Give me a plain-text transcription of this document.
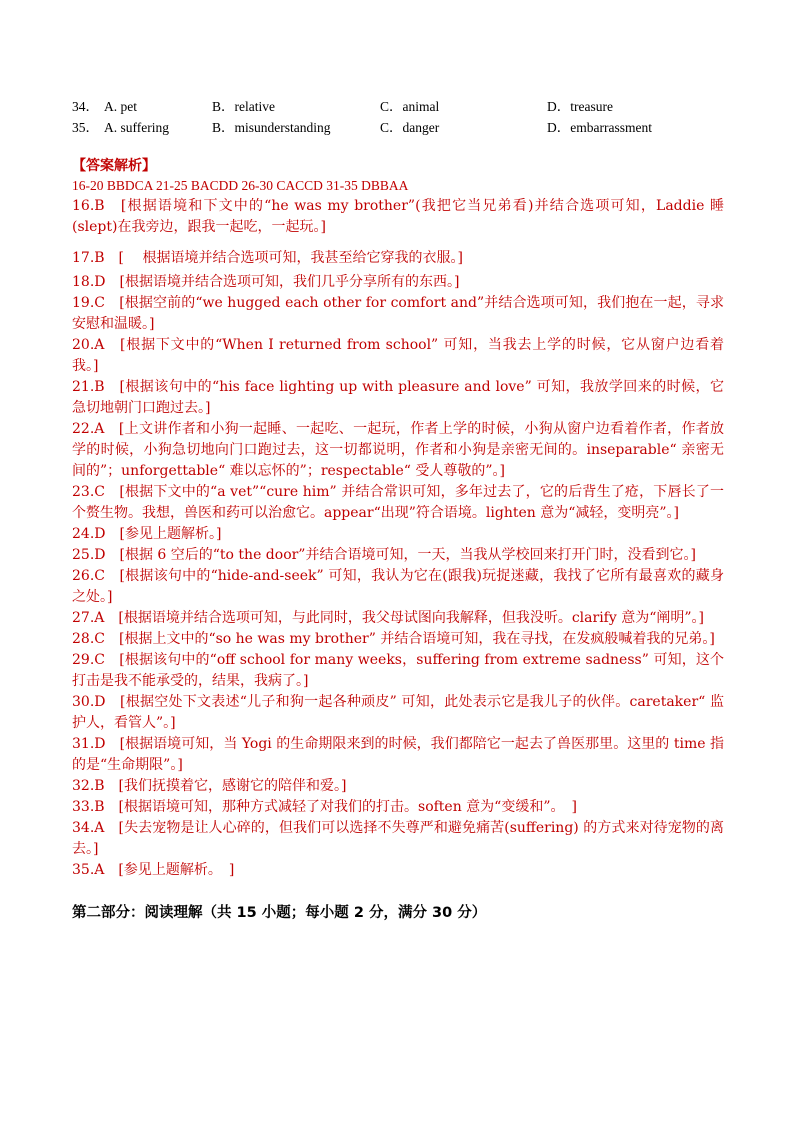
34． A. pet	B．relative	C．animal	D．treasure
35． A. suffering	B．misunderstanding	C．danger	D．embarrassment
【答案解析】
16-20 BBDCA 21-25 BACDD 26-30 CACCD 31-35 DBBAA
16.B　[根据语境和下文中的“he was my brother”(我把它当兄弟看)并结合选项可知，Laddie 睡(slept)在我旁边，跟我一起吃，一起玩。]
17.B　[　 根据语境并结合选项可知，我甚至给它穿我的衣服。]
18.D　[根据语境并结合选项可知，我们几乎分享所有的东西。]
19.C　[根据空前的“we hugged each other for comfort and”并结合选项可知，我们抱在一起，寻求安慰和温暖。]
20.A　[根据下文中的“When I returned from school” 可知，当我去上学的时候，它从窗户边看着我。]
21.B　[根据该句中的“his face lighting up with pleasure and love” 可知，我放学回来的时候，它急切地朝门口跑过去。]
22.A　[上文讲作者和小狗一起睡、一起吃、一起玩，作者上学的时候，小狗从窗户边看着作者，作者放学的时候，小狗急切地向门口跑过去，这一切都说明，作者和小狗是亲密无间的。inseparable“ 亲密无间的”；unforgettable“ 难以忘怀的”；respectable“ 受人尊敬的”。]
23.C　[根据下文中的“a vet”“cure him” 并结合常识可知，多年过去了，它的后背生了疮，下唇长了一个赘生物。我想，兽医和药可以治愈它。appear“出现”符合语境。lighten 意为“减轻，变明亮”。]
24.D　[参见上题解析。]
25.D　[根据 6 空后的“to the door”并结合语境可知，一天，当我从学校回来打开门时，没看到它。]
26.C　[根据该句中的“hide-and-seek” 可知，我认为它在(跟我)玩捉迷藏，我找了它所有最喜欢的藏身之处。]
27.A　[根据语境并结合选项可知，与此同时，我父母试图向我解释，但我没听。clarify 意为“阐明”。]
28.C　[根据上文中的“so he was my brother” 并结合语境可知，我在寻找，在发疯般喊着我的兄弟。]
29.C　[根据该句中的“off school for many weeks，suffering from extreme sadness” 可知，这个打击是我不能承受的，结果，我病了。]
30.D　[根据空处下文表述“儿子和狗一起各种顽皮” 可知，此处表示它是我儿子的伙伴。caretaker“ 监护人，看管人”。]
31.D　[根据语境可知，当 Yogi 的生命期限来到的时候，我们都陪它一起去了兽医那里。这里的 time 指的是“生命期限”。]
32.B　[我们抚摸着它，感谢它的陪伴和爱。]
33.B　[根据语境可知，那种方式减轻了对我们的打击。soften 意为“变缓和”。　]
34.A　[失去宠物是让人心碎的，但我们可以选择不失尊严和避免痛苦(suffering) 的方式来对待宠物的离去。]
35.A　[参见上题解析。　]
第二部分：阅读理解（共 15 小题；每小题 2 分，满分 30 分）
